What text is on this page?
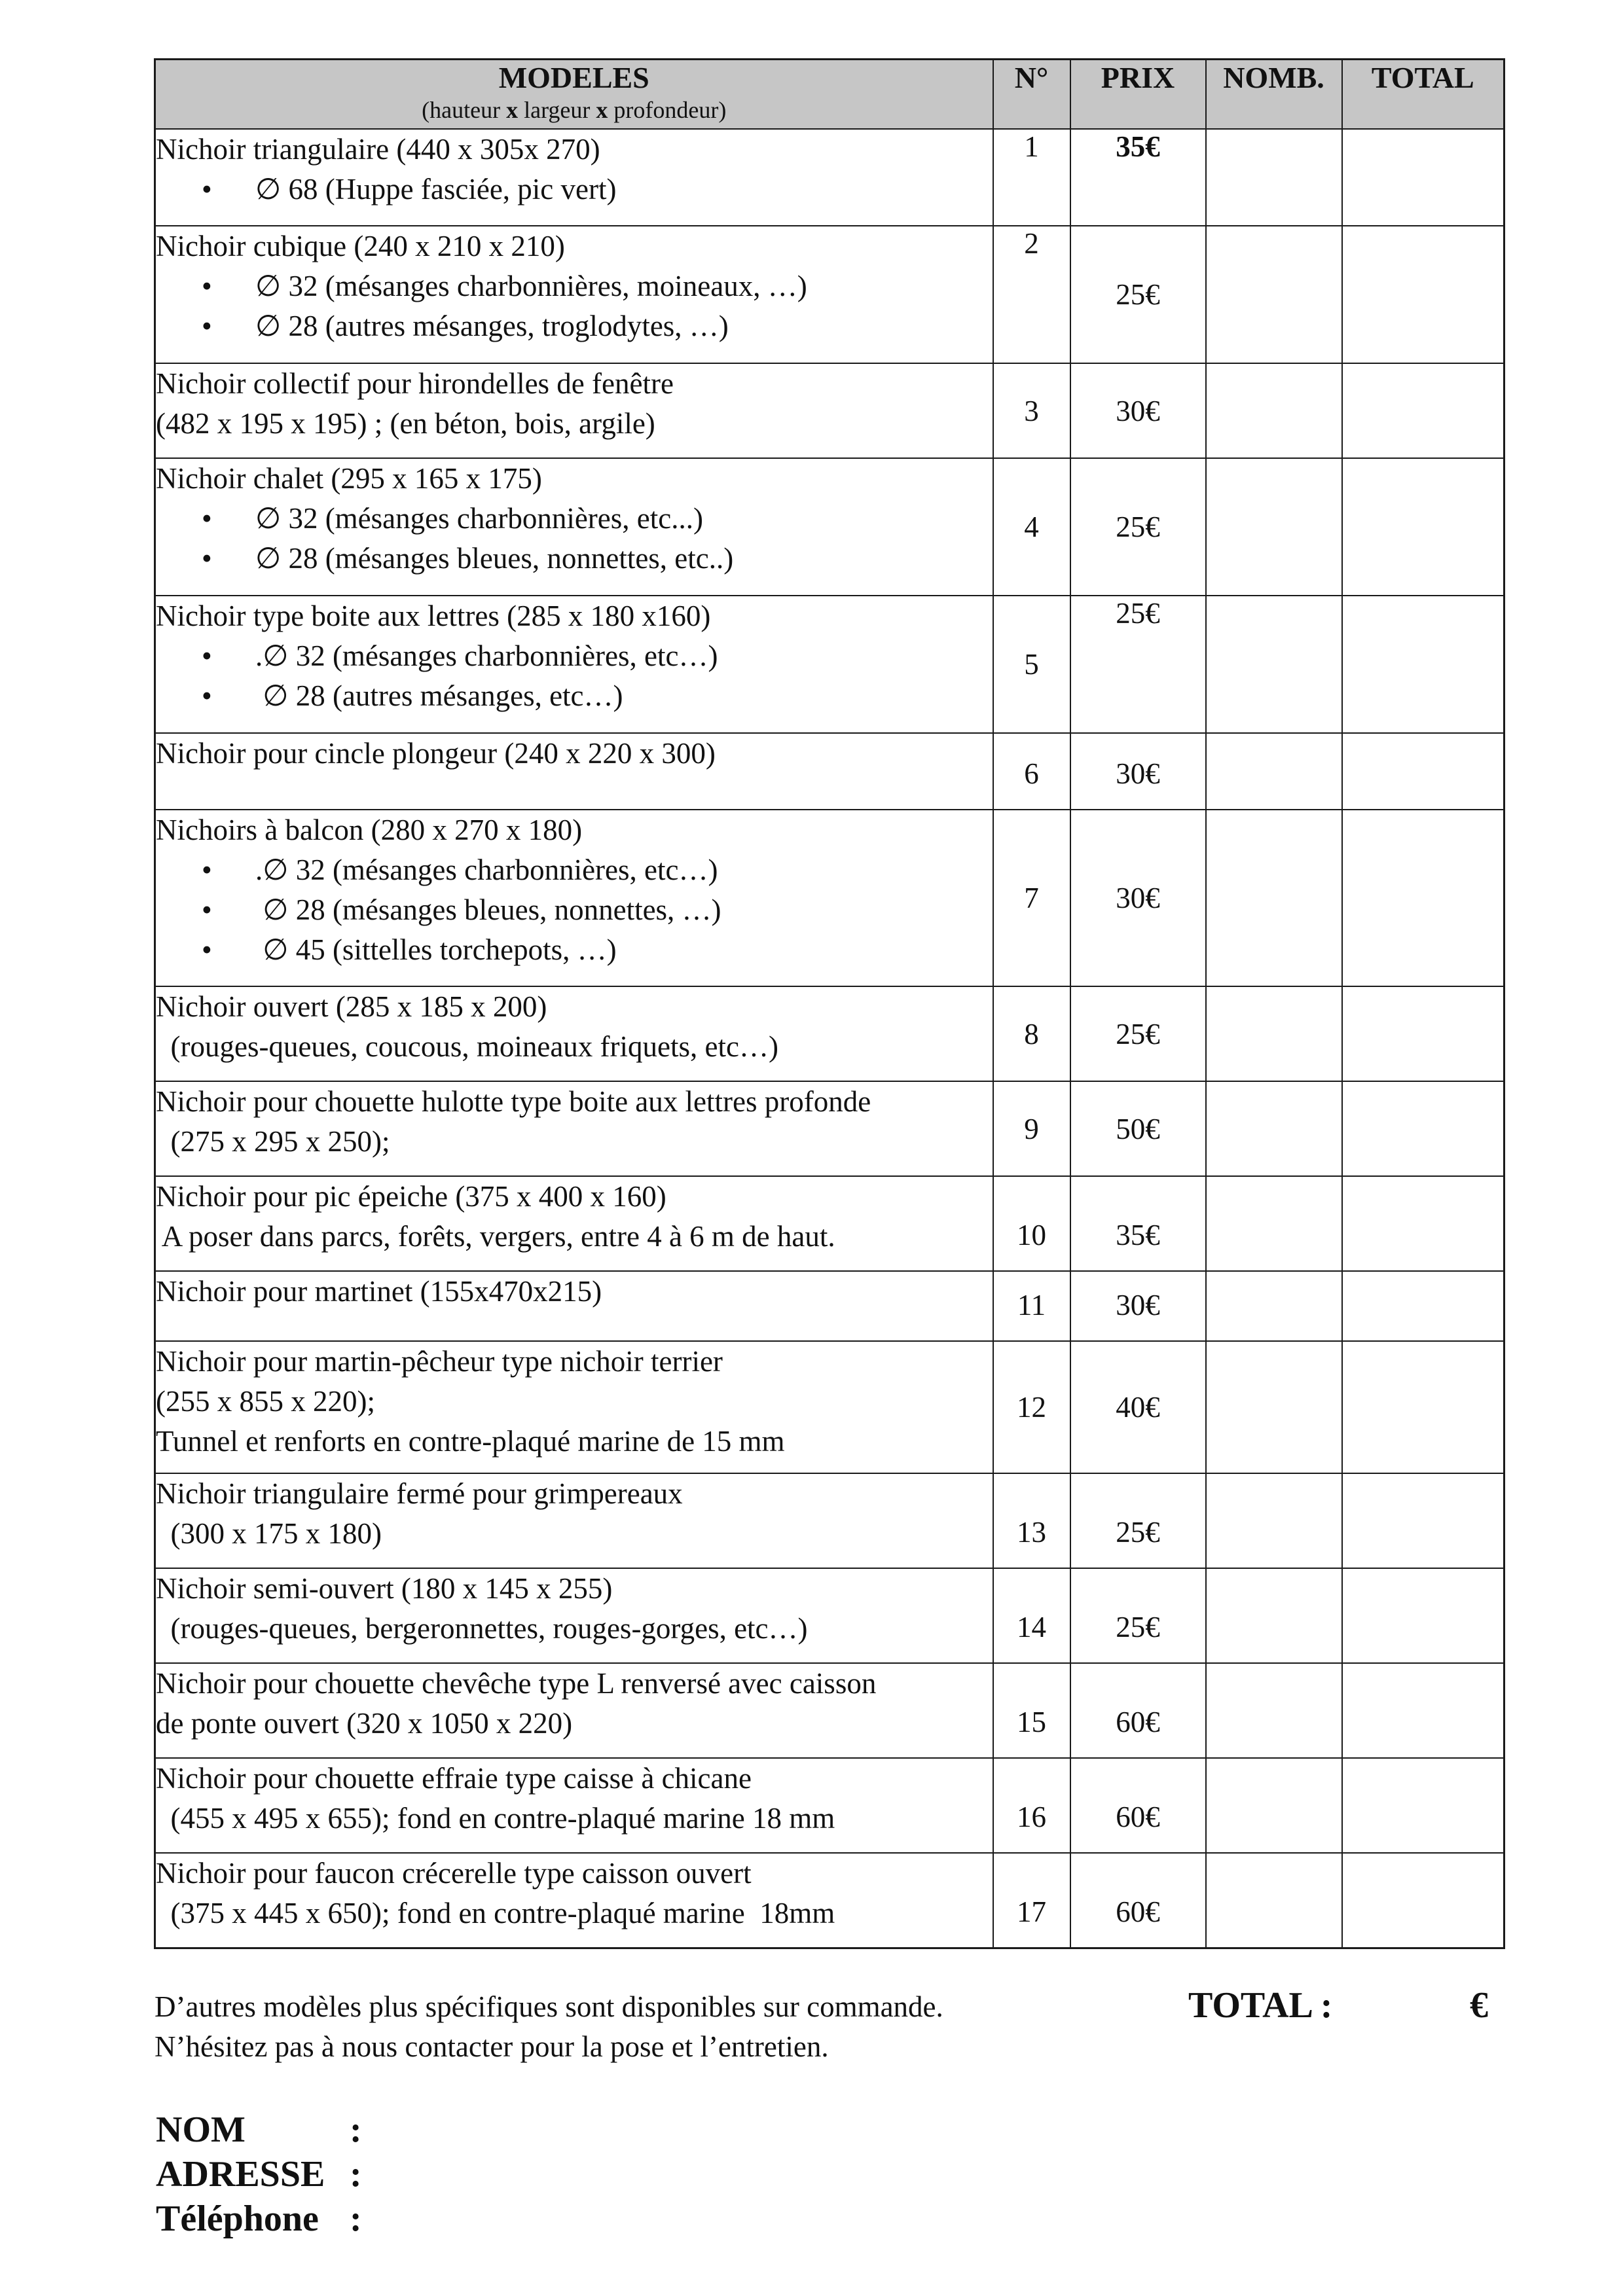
MODELES
(hauteur x largeur x profondeur)	N°	PRIX	NOMB.	TOTAL

Nichoir triangulaire (440 x 305x 270)
• ∅ 68 (Huppe fasciée, pic vert)	1	35€		

Nichoir cubique (240 x 210 x 210)
• ∅ 32 (mésanges charbonnières, moineaux, …)
• ∅ 28 (autres mésanges, troglodytes, …)	2	25€		

Nichoir collectif pour hirondelles de fenêtre
(482 x 195 x 195) ; (en béton, bois, argile)	3	30€		

Nichoir chalet (295 x 165 x 175)
• ∅ 32 (mésanges charbonnières, etc...)
• ∅ 28 (mésanges bleues, nonnettes, etc..)	4	25€		

Nichoir type boite aux lettres (285 x 180 x160)
• .∅ 32 (mésanges charbonnières, etc…)
• ∅ 28 (autres mésanges, etc…)	5	25€		

Nichoir pour cincle plongeur (240 x 220 x 300)	6	30€		

Nichoirs à balcon (280 x 270 x 180)
• .∅ 32 (mésanges charbonnières, etc…)
• ∅ 28 (mésanges bleues, nonnettes, …)
• ∅ 45 (sittelles torchepots, …)	7	30€		

Nichoir ouvert (285 x 185 x 200)
(rouges-queues, coucous, moineaux friquets, etc…)	8	25€		

Nichoir pour chouette hulotte type boite aux lettres profonde
(275 x 295 x 250);	9	50€		

Nichoir pour pic épeiche (375 x 400 x 160)
A poser dans parcs, forêts, vergers, entre 4 à 6 m de haut.	10	35€		

Nichoir pour martinet (155x470x215)	11	30€		

Nichoir pour martin-pêcheur type nichoir terrier
(255 x 855 x 220);
Tunnel et renforts en contre-plaqué marine de 15 mm	12	40€		

Nichoir triangulaire fermé pour grimpereaux
(300 x 175 x 180)	13	25€		

Nichoir semi-ouvert (180 x 145 x 255)
(rouges-queues, bergeronnettes, rouges-gorges, etc…)	14	25€		

Nichoir pour chouette chevêche type L renversé avec caisson
de ponte ouvert (320 x 1050 x 220)	15	60€		

Nichoir pour chouette effraie type caisse à chicane
(455 x 495 x 655); fond en contre-plaqué marine 18 mm	16	60€		

Nichoir pour faucon crécerelle type caisson ouvert
(375 x 445 x 650); fond en contre-plaqué marine  18mm	17	60€		
D’autres modèles plus spécifiques sont disponibles sur commande.
N’hésitez pas à nous contacter pour la pose et l’entretien.
TOTAL :	€
NOM	:
ADRESSE :
Téléphone :
